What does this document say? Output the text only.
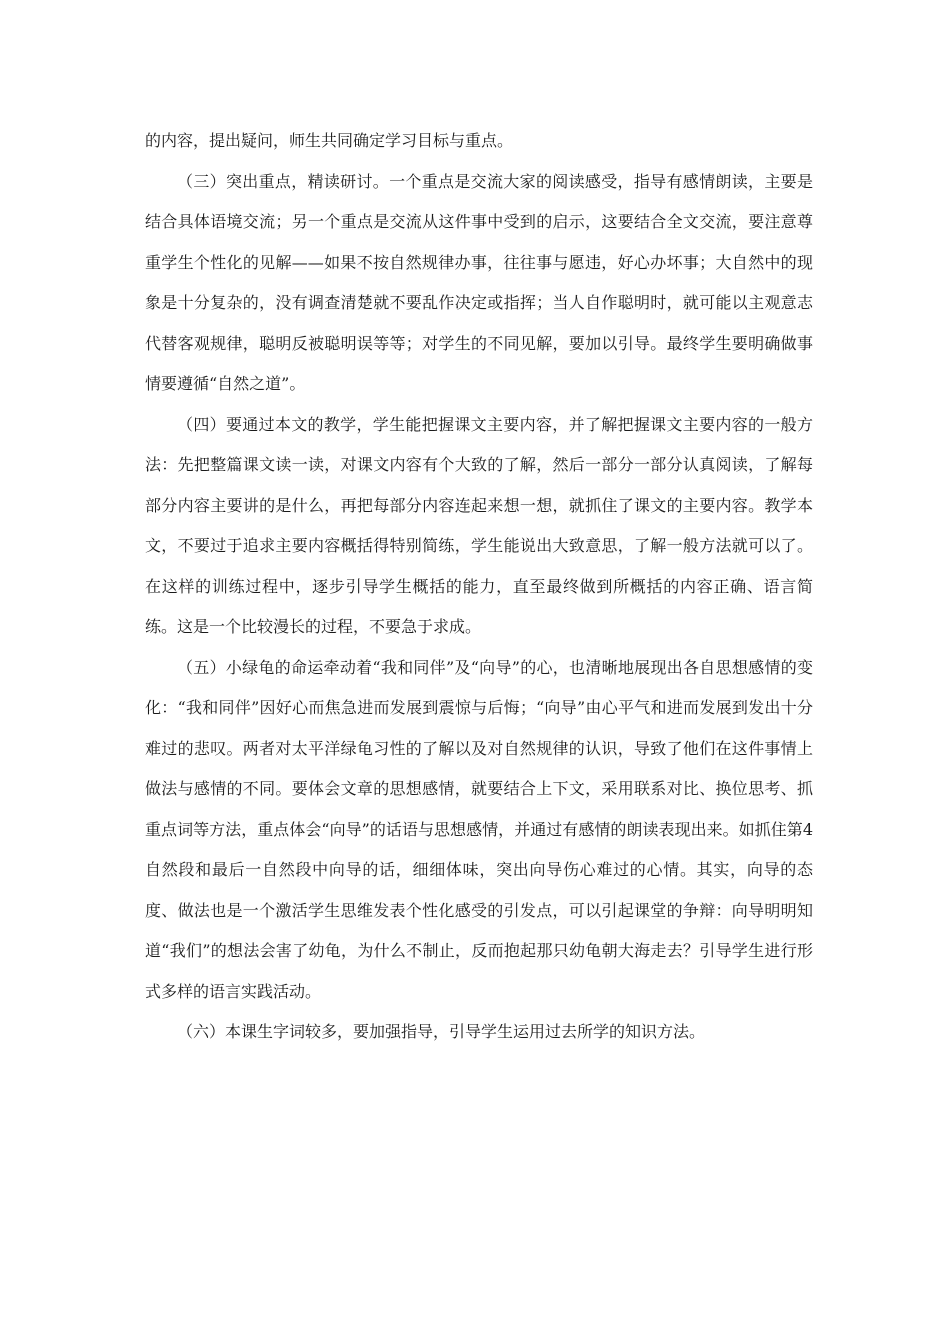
的内容，提出疑问，师生共同确定学习目标与重点。

（三）突出重点，精读研讨。一个重点是交流大家的阅读感受，指导有感情朗读，主要是结合具体语境交流；另一个重点是交流从这件事中受到的启示，这要结合全文交流，要注意尊重学生个性化的见解——如果不按自然规律办事，往往事与愿违，好心办坏事；大自然中的现象是十分复杂的，没有调查清楚就不要乱作决定或指挥；当人自作聪明时，就可能以主观意志代替客观规律，聪明反被聪明误等等；对学生的不同见解，要加以引导。最终学生要明确做事情要遵循“自然之道”。

（四）要通过本文的教学，学生能把握课文主要内容，并了解把握课文主要内容的一般方法：先把整篇课文读一读，对课文内容有个大致的了解，然后一部分一部分认真阅读，了解每部分内容主要讲的是什么，再把每部分内容连起来想一想，就抓住了课文的主要内容。教学本文，不要过于追求主要内容概括得特别简练，学生能说出大致意思，了解一般方法就可以了。在这样的训练过程中，逐步引导学生概括的能力，直至最终做到所概括的内容正确、语言简练。这是一个比较漫长的过程，不要急于求成。

（五）小绿龟的命运牵动着“我和同伴”及“向导”的心，也清晰地展现出各自思想感情的变化：“我和同伴”因好心而焦急进而发展到震惊与后悔；“向导”由心平气和进而发展到发出十分难过的悲叹。两者对太平洋绿龟习性的了解以及对自然规律的认识，导致了他们在这件事情上做法与感情的不同。要体会文章的思想感情，就要结合上下文，采用联系对比、换位思考、抓重点词等方法，重点体会“向导”的话语与思想感情，并通过有感情的朗读表现出来。如抓住第4自然段和最后一自然段中向导的话，细细体味，突出向导伤心难过的心情。其实，向导的态度、做法也是一个激活学生思维发表个性化感受的引发点，可以引起课堂的争辩：向导明明知道“我们”的想法会害了幼龟，为什么不制止，反而抱起那只幼龟朝大海走去？引导学生进行形式多样的语言实践活动。

（六）本课生字词较多，要加强指导，引导学生运用过去所学的知识方法。
